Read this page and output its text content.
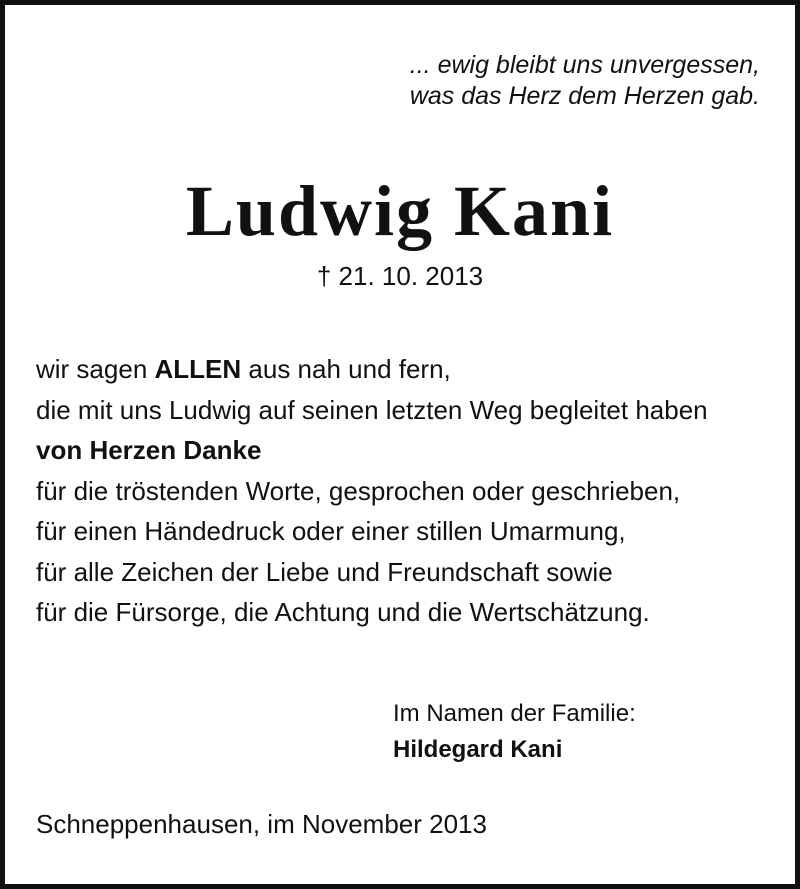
... ewig bleibt uns unvergessen,
was das Herz dem Herzen gab.
Ludwig Kani
† 21. 10. 2013
wir sagen ALLEN aus nah und fern,
die mit uns Ludwig auf seinen letzten Weg begleitet haben
von Herzen Danke
für die tröstenden Worte, gesprochen oder geschrieben,
für einen Händedruck oder einer stillen Umarmung,
für alle Zeichen der Liebe und Freundschaft sowie
für die Fürsorge, die Achtung und die Wertschätzung.
Im Namen der Familie:
Hildegard Kani
Schneppenhausen, im November 2013
